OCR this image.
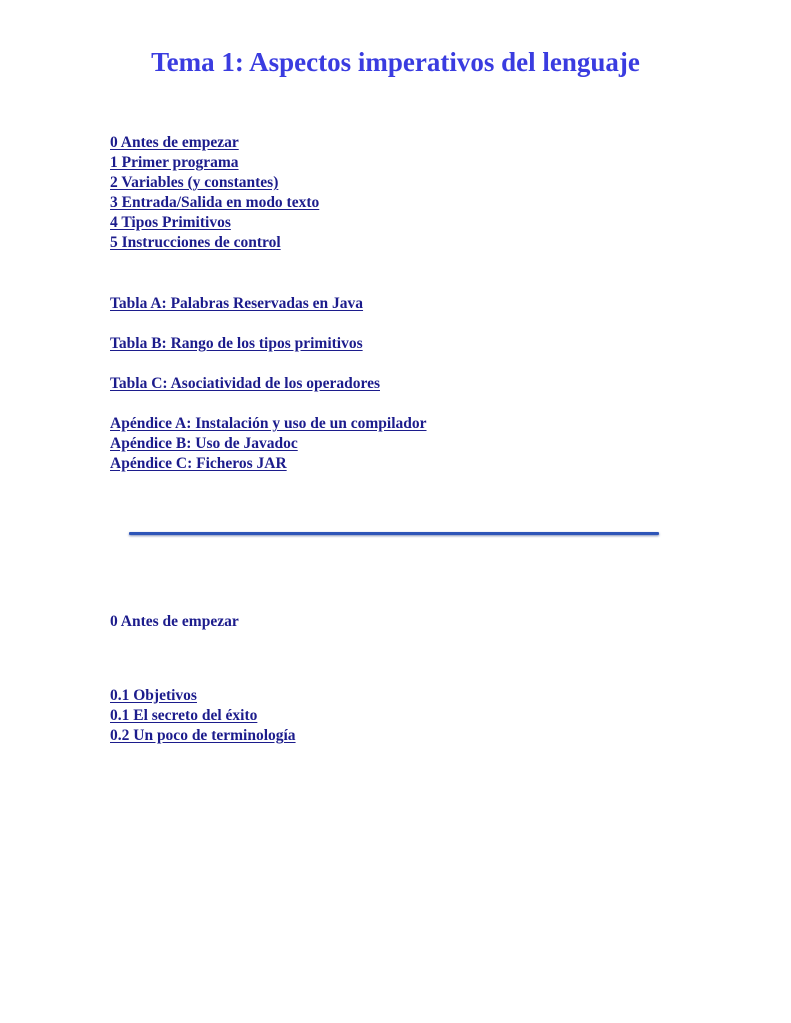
Tema 1: Aspectos imperativos del lenguaje
0 Antes de empezar
1 Primer programa
2 Variables (y constantes)
3 Entrada/Salida en modo texto
4 Tipos Primitivos
5 Instrucciones de control
Tabla A: Palabras Reservadas en Java
Tabla B: Rango de los tipos primitivos
Tabla C: Asociatividad de los operadores
Apéndice A: Instalación y uso de un compilador
Apéndice B: Uso de Javadoc
Apéndice C: Ficheros JAR
0 Antes de empezar
0.1 Objetivos
0.1 El secreto del éxito
0.2 Un poco de terminología
